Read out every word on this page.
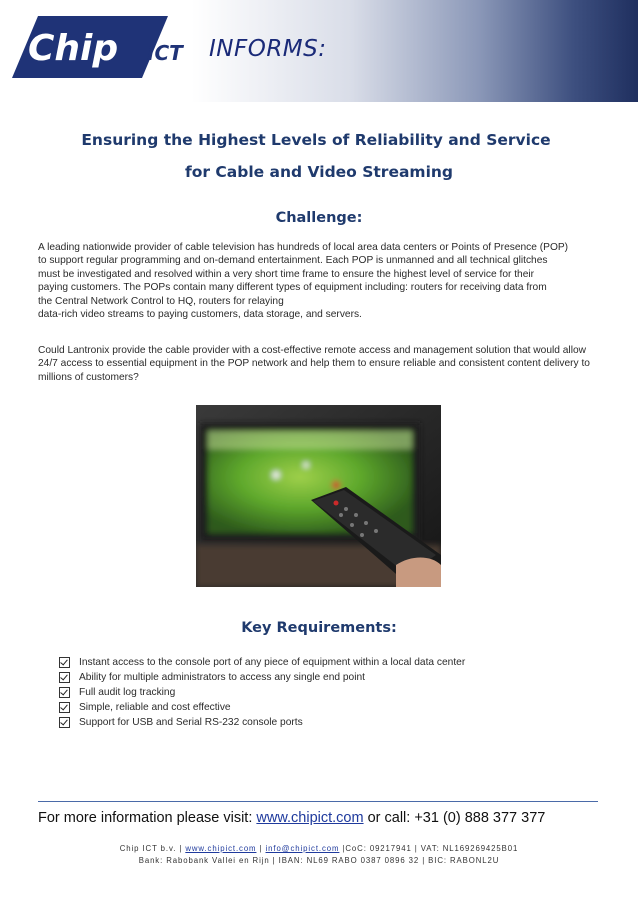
Chip ICT INFORMS:
Ensuring the Highest Levels of Reliability and Service
for Cable and Video Streaming
Challenge:
A leading nationwide provider of cable television has hundreds of local area data centers or Points of Presence (POP)
to support regular programming and on-demand entertainment. Each POP is unmanned and all technical glitches
must be investigated and resolved within a very short time frame to ensure the highest level of service for their
paying customers. The POPs contain many different types of equipment including: routers for receiving data from
the Central Network Control to HQ, routers for relaying
data-rich video streams to paying customers, data storage, and servers.
Could Lantronix provide the cable provider with a cost-effective remote access and management solution that would allow 24/7 access to essential equipment in the POP network and help them to ensure reliable and consistent content delivery to millions of customers?
Key Requirements:
Instant access to the console port of any piece of equipment within a local data center
Ability for multiple administrators to access any single end point
Full audit log tracking
Simple, reliable and cost effective
Support for USB and Serial RS-232 console ports
For more information please visit: www.chipict.com or call: +31 (0) 888 377 377
Chip ICT b.v. | www.chipict.com | info@chipict.com |CoC: 09217941 | VAT: NL169269425B01
Bank: Rabobank Vallei en Rijn | IBAN: NL69 RABO 0387 0896 32 | BIC: RABONL2U
